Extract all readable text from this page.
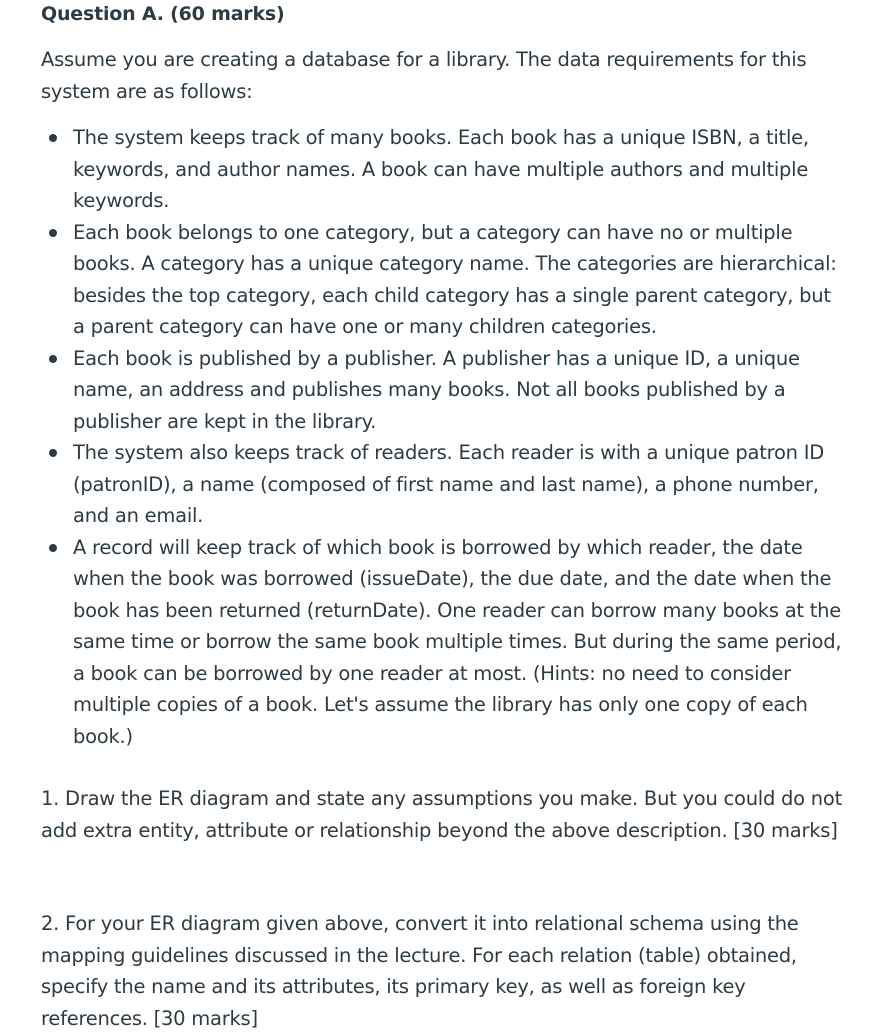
Question A. (60 marks)

Assume you are creating a database for a library. The data requirements for this system are as follows:

The system keeps track of many books. Each book has a unique ISBN, a title, keywords, and author names. A book can have multiple authors and multiple keywords.
Each book belongs to one category, but a category can have no or multiple books. A category has a unique category name. The categories are hierarchical: besides the top category, each child category has a single parent category, but a parent category can have one or many children categories.
Each book is published by a publisher. A publisher has a unique ID, a unique name, an address and publishes many books. Not all books published by a publisher are kept in the library.
The system also keeps track of readers. Each reader is with a unique patron ID (patronID), a name (composed of first name and last name), a phone number, and an email.
A record will keep track of which book is borrowed by which reader, the date when the book was borrowed (issueDate), the due date, and the date when the book has been returned (returnDate). One reader can borrow many books at the same time or borrow the same book multiple times. But during the same period, a book can be borrowed by one reader at most. (Hints: no need to consider multiple copies of a book. Let's assume the library has only one copy of each book.)

1. Draw the ER diagram and state any assumptions you make. But you could do not add extra entity, attribute or relationship beyond the above description. [30 marks]

2. For your ER diagram given above, convert it into relational schema using the mapping guidelines discussed in the lecture. For each relation (table) obtained, specify the name and its attributes, its primary key, as well as foreign key references. [30 marks]
